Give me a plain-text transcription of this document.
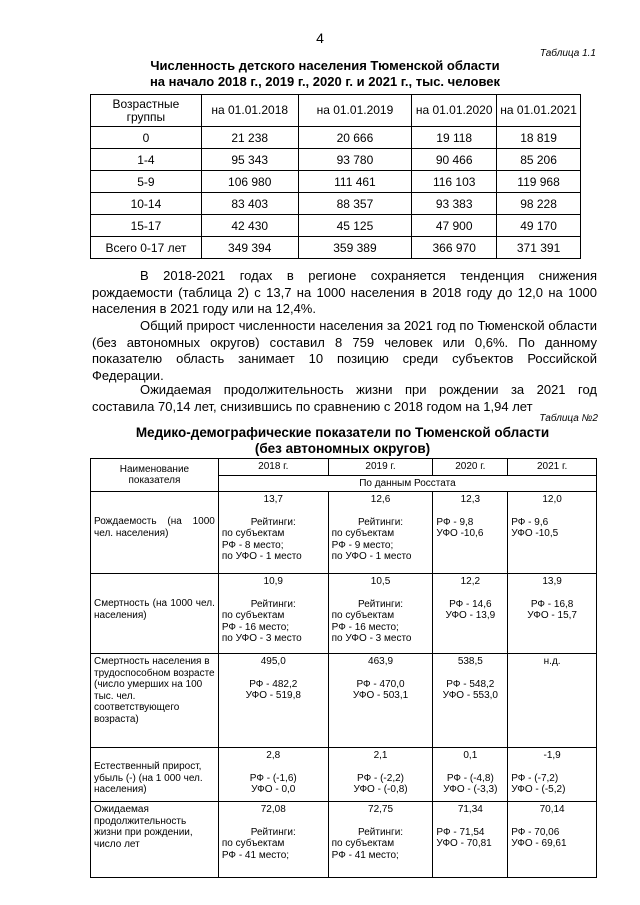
4
Таблица 1.1
Численность детского населения Тюменской области
на начало 2018 г., 2019 г., 2020 г. и 2021 г., тыс. человек
Возрастные группы	на 01.01.2018	на 01.01.2019	на 01.01.2020	на 01.01.2021
0	21 238	20 666	19 118	18 819
1-4	95 343	93 780	90 466	85 206
5-9	106 980	111 461	116 103	119 968
10-14	83 403	88 357	93 383	98 228
15-17	42 430	45 125	47 900	49 170
Всего 0-17 лет	349 394	359 389	366 970	371 391
В 2018-2021 годах в регионе сохраняется тенденция снижения рождаемости (таблица 2) с 13,7 на 1000 населения в 2018 году до 12,0 на 1000 населения в 2021 году или на 12,4%.
Общий прирост численности населения за 2021 год по Тюменской области (без автономных округов) составил 8 759 человек или 0,6%. По данному показателю область занимает 10 позицию среди субъектов Российской Федерации.
Ожидаемая продолжительность жизни при рождении за 2021 год составила 70,14 лет, снизившись по сравнению с 2018 годом на 1,94 лет
Таблица №2
Медико-демографические показатели по Тюменской области
(без автономных округов)
Наименование показателя	2018 г.	2019 г.	2020 г.	2021 г.
	По данным Росстата			

Рождаемость (на 1000 чел. населения)	13,7
Рейтинги:
по субъектам
РФ - 8 место;
по УФО - 1 место	12,6
Рейтинги:
по субъектам
РФ - 9 место;
по УФО - 1 место	12,3
РФ - 9,8
УФО -10,6	12,0
РФ - 9,6
УФО -10,5

Смертность (на 1000 чел. населения)	10,9
Рейтинги:
по субъектам
РФ - 16 место;
по УФО - 3 место	10,5
Рейтинги:
по субъектам
РФ - 16 место;
по УФО - 3 место	12,2
РФ - 14,6
УФО - 13,9	13,9
РФ - 16,8
УФО - 15,7

Смертность населения в трудоспособном возрасте (число умерших на 100 тыс. чел. соответствующего возраста)	495,0
РФ - 482,2
УФО - 519,8	463,9
РФ - 470,0
УФО - 503,1	538,5
РФ - 548,2
УФО - 553,0	н.д.

Естественный прирост, убыль (-) (на 1 000 чел. населения)	2,8
РФ - (-1,6)
УФО - 0,0	2,1
РФ - (-2,2)
УФО - (-0,8)	0,1
РФ - (-4,8)
УФО - (-3,3)	-1,9
РФ - (-7,2)
УФО - (-5,2)

Ожидаемая продолжительность жизни при рождении, число лет	72,08
Рейтинги:
по субъектам
РФ - 41 место;	72,75
Рейтинги:
по субъектам
РФ - 41 место;	71,34
РФ - 71,54
УФО - 70,81	70,14
РФ - 70,06
УФО - 69,61
